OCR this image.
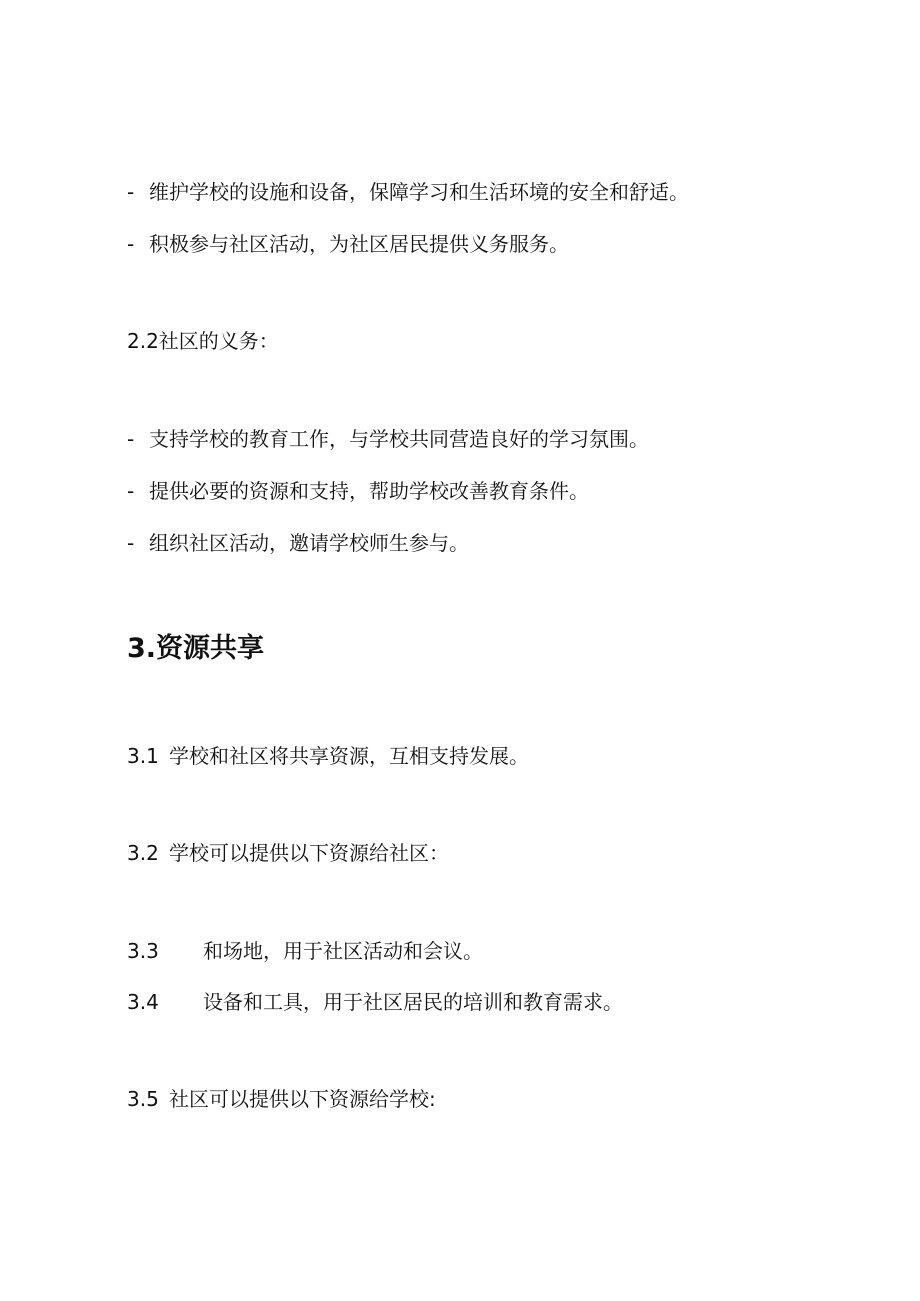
- 维护学校的设施和设备，保障学习和生活环境的安全和舒适。
- 积极参与社区活动，为社区居民提供义务服务。
2.2社区的义务：
- 支持学校的教育工作，与学校共同营造良好的学习氛围。
- 提供必要的资源和支持，帮助学校改善教育条件。
- 组织社区活动，邀请学校师生参与。
3.资源共享
3.1 学校和社区将共享资源，互相支持发展。
3.2 学校可以提供以下资源给社区：
3.3 和场地，用于社区活动和会议。
3.4 设备和工具，用于社区居民的培训和教育需求。
3.5 社区可以提供以下资源给学校:
